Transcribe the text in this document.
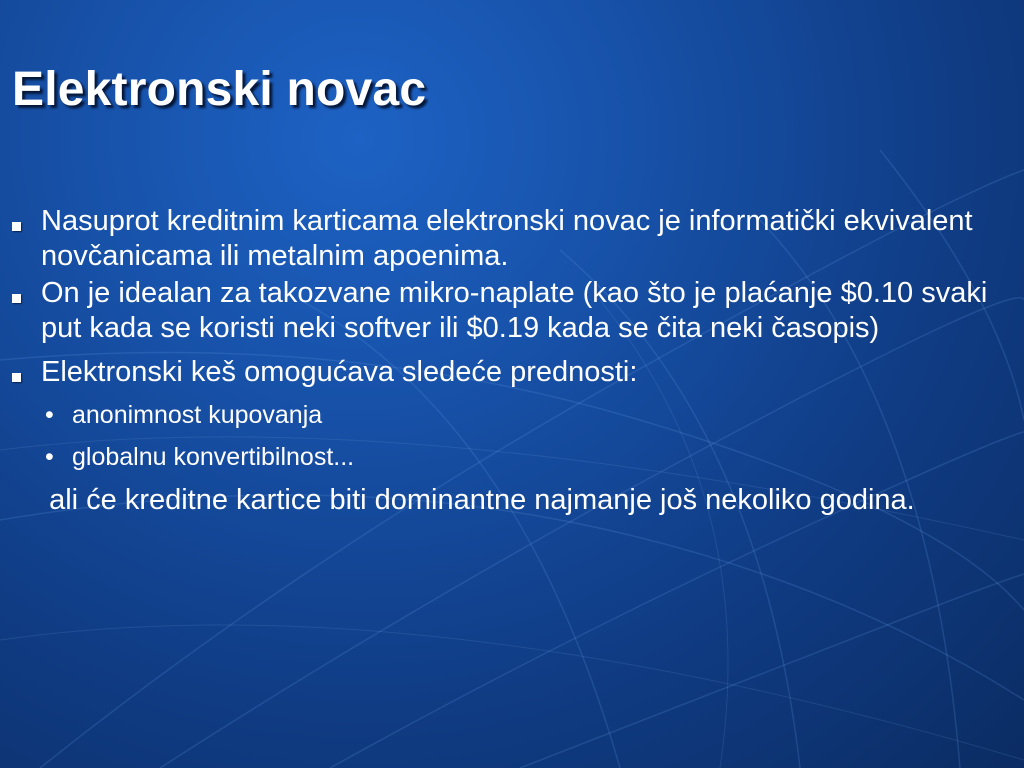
Elektronski novac
Nasuprot kreditnim karticama elektronski novac je informatički ekvivalent novčanicama ili metalnim apoenima.
On je idealan za takozvane mikro-naplate (kao što je plaćanje $0.10 svaki put kada se koristi neki softver ili $0.19 kada se čita neki časopis)
Elektronski keš omogućava sledeće prednosti:
• anonimnost kupovanja
• globalnu konvertibilnost...
ali će kreditne kartice biti dominantne najmanje još nekoliko godina.
